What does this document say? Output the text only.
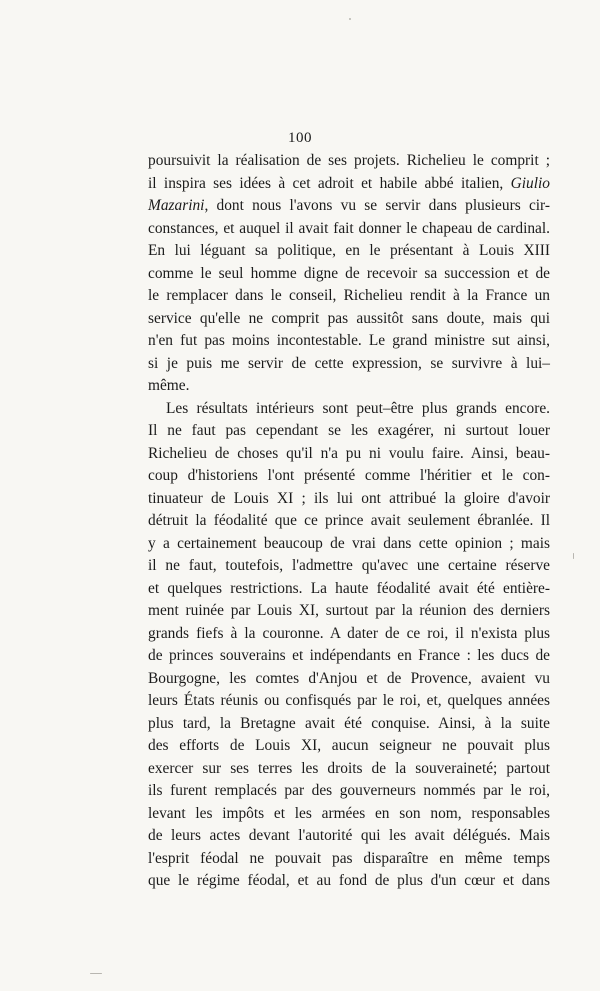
100
poursuivit la réalisation de ses projets. Richelieu le comprit ;
il inspira ses idées à cet adroit et habile abbé italien, Giulio
Mazarini, dont nous l'avons vu se servir dans plusieurs cir-
constances, et auquel il avait fait donner le chapeau de cardinal.
En lui léguant sa politique, en le présentant à Louis XIII
comme le seul homme digne de recevoir sa succession et de
le remplacer dans le conseil, Richelieu rendit à la France un
service qu'elle ne comprit pas aussitôt sans doute, mais qui
n'en fut pas moins incontestable. Le grand ministre sut ainsi,
si je puis me servir de cette expression, se survivre à lui–
même.
Les résultats intérieurs sont peut–être plus grands encore.
Il ne faut pas cependant se les exagérer, ni surtout louer
Richelieu de choses qu'il n'a pu ni voulu faire. Ainsi, beau-
coup d'historiens l'ont présenté comme l'héritier et le con-
tinuateur de Louis XI ; ils lui ont attribué la gloire d'avoir
détruit la féodalité que ce prince avait seulement ébranlée. Il
y a certainement beaucoup de vrai dans cette opinion ; mais
il ne faut, toutefois, l'admettre qu'avec une certaine réserve
et quelques restrictions. La haute féodalité avait été entière-
ment ruinée par Louis XI, surtout par la réunion des derniers
grands fiefs à la couronne. A dater de ce roi, il n'exista plus
de princes souverains et indépendants en France : les ducs de
Bourgogne, les comtes d'Anjou et de Provence, avaient vu
leurs États réunis ou confisqués par le roi, et, quelques années
plus tard, la Bretagne avait été conquise. Ainsi, à la suite
des efforts de Louis XI, aucun seigneur ne pouvait plus
exercer sur ses terres les droits de la souveraineté; partout
ils furent remplacés par des gouverneurs nommés par le roi,
levant les impôts et les armées en son nom, responsables
de leurs actes devant l'autorité qui les avait délégués. Mais
l'esprit féodal ne pouvait pas disparaître en même temps
que le régime féodal, et au fond de plus d'un cœur et dans
